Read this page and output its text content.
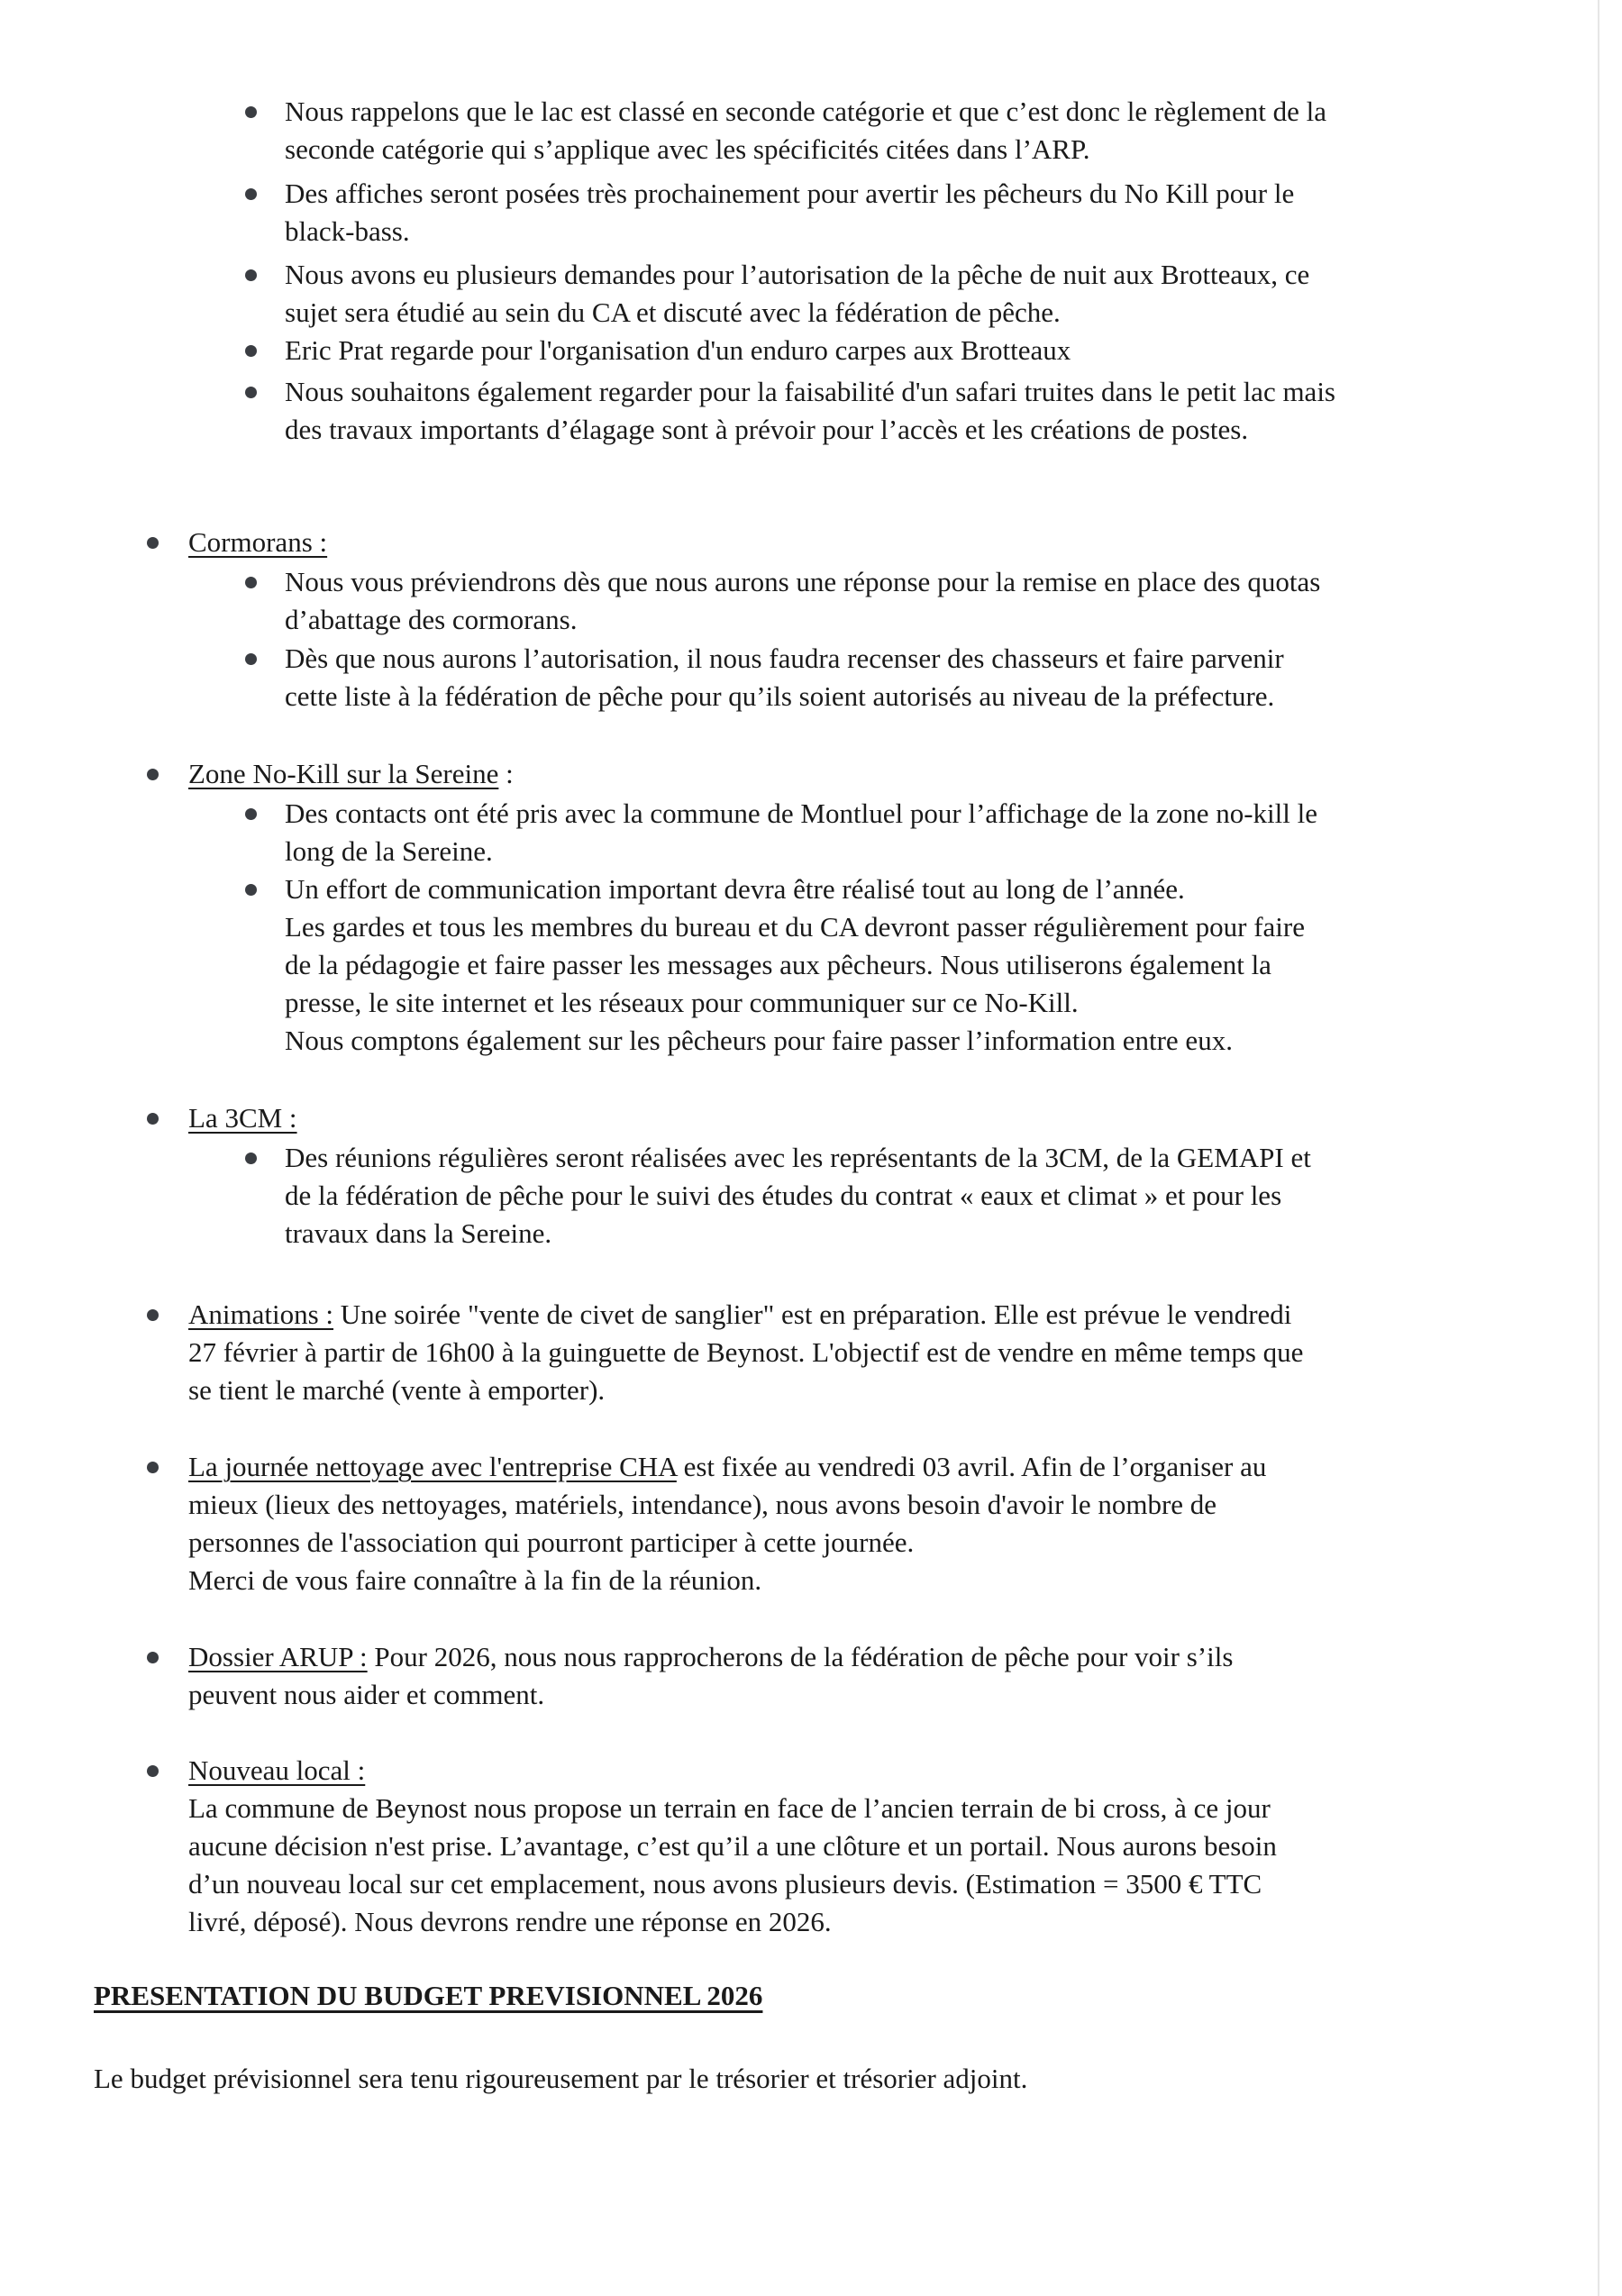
Nous rappelons que le lac est classé en seconde catégorie et que c’est donc le règlement de la
seconde catégorie qui s’applique avec les spécificités citées dans l’ARP.
Des affiches seront posées très prochainement pour avertir les pêcheurs du No Kill pour le
black-bass.
Nous avons eu plusieurs demandes pour l’autorisation de la pêche de nuit aux Brotteaux, ce
sujet sera étudié au sein du CA et discuté avec la fédération de pêche.
Eric Prat regarde pour l'organisation d'un enduro carpes aux Brotteaux
Nous souhaitons également regarder pour la faisabilité d'un safari truites dans le petit lac mais
des travaux importants d’élagage sont à prévoir pour l’accès et les créations de postes.
Cormorans :
Nous vous préviendrons dès que nous aurons une réponse pour la remise en place des quotas
d’abattage des cormorans.
Dès que nous aurons l’autorisation, il nous faudra recenser des chasseurs et faire parvenir
cette liste à la fédération de pêche pour qu’ils soient autorisés au niveau de la préfecture.
Zone No-Kill sur la Sereine :
Des contacts ont été pris avec la commune de Montluel pour l’affichage de la zone no-kill le
long de la Sereine.
Un effort de communication important devra être réalisé tout au long de l’année.
Les gardes et tous les membres du bureau et du CA devront passer régulièrement pour faire
de la pédagogie et faire passer les messages aux pêcheurs. Nous utiliserons également la
presse, le site internet et les réseaux pour communiquer sur ce No-Kill.
Nous comptons également sur les pêcheurs pour faire passer l’information entre eux.
La 3CM :
Des réunions régulières seront réalisées avec les représentants de la 3CM, de la GEMAPI et
de la fédération de pêche pour le suivi des études du contrat « eaux et climat » et pour les
travaux dans la Sereine.
Animations : Une soirée "vente de civet de sanglier" est en préparation. Elle est prévue le vendredi
27 février à partir de 16h00 à la guinguette de Beynost. L'objectif est de vendre en même temps que
se tient le marché (vente à emporter).
La journée nettoyage avec l'entreprise CHA est fixée au vendredi 03 avril. Afin de l’organiser au
mieux (lieux des nettoyages, matériels, intendance), nous avons besoin d'avoir le nombre de
personnes de l'association qui pourront participer à cette journée.
Merci de vous faire connaître à la fin de la réunion.
Dossier ARUP : Pour 2026, nous nous rapprocherons de la fédération de pêche pour voir s’ils
peuvent nous aider et comment.
Nouveau local :
La commune de Beynost nous propose un terrain en face de l’ancien terrain de bi cross, à ce jour
aucune décision n'est prise. L’avantage, c’est qu’il a une clôture et un portail. Nous aurons besoin
d’un nouveau local sur cet emplacement, nous avons plusieurs devis. (Estimation = 3500 € TTC
livré, déposé). Nous devrons rendre une réponse en 2026.
PRESENTATION DU BUDGET PREVISIONNEL 2026
Le budget prévisionnel sera tenu rigoureusement par le trésorier et trésorier adjoint.
